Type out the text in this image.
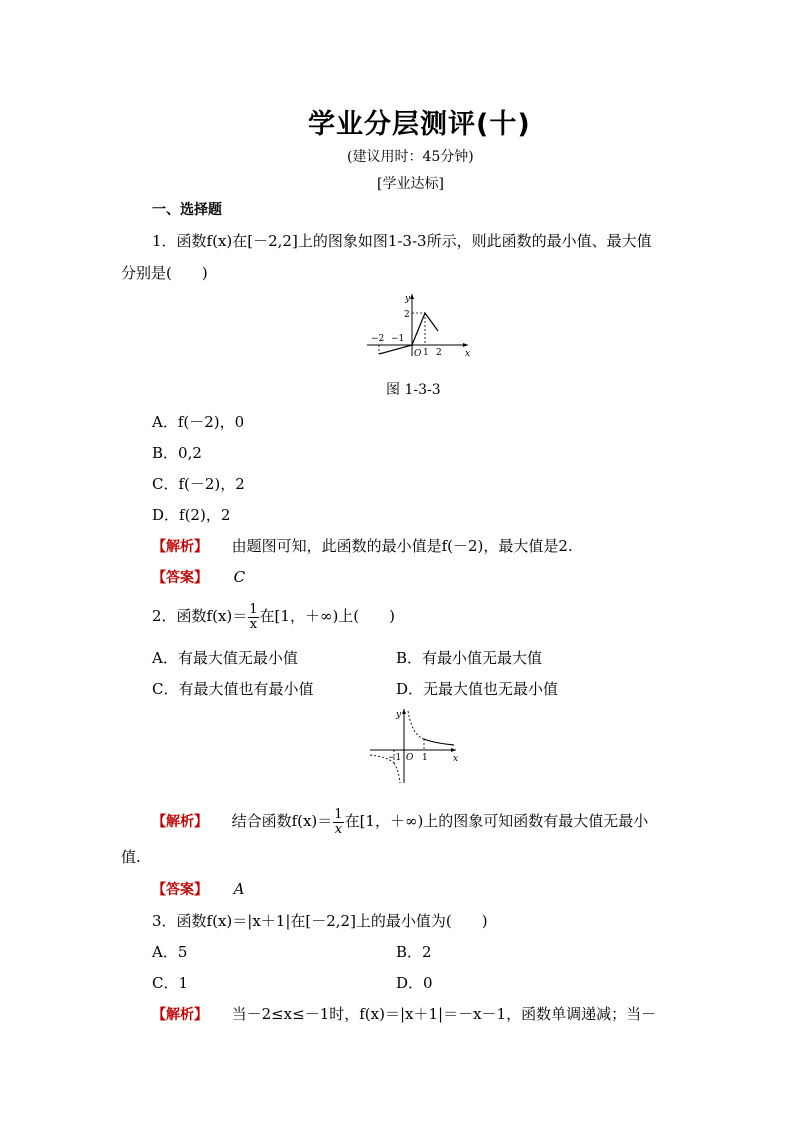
学业分层测评(十)
(建议用时：45分钟)
[学业达标]
一、选择题
1．函数f(x)在[－2,2]上的图象如图1-3-3所示，则此函数的最小值、最大值
分别是(　　)
y
x
O
2
−2 −1
1 2
图 1-3-3
A．f(－2)，0
B．0,2
C．f(－2)，2
D．f(2)，2
【解析】 由题图可知，此函数的最小值是f(－2)，最大值是2.
【答案】 C
2．函数$f(x)= \frac{1}{x}$ 在[1，＋∞)上(　　)
A．有最大值无最小值	B．有最小值无最大值
C．有最大值也有最小值	D．无最大值也无最小值
y
x
O
−1 1
【解析】 结合函数$f(x)= \frac{1}{x}$ 在[1，＋∞)上的图象可知函数有最大值无最小
值.
【答案】 A
3．函数f(x)＝|x＋1|在[－2,2]上的最小值为(　　)
A．5	B．2
C．1	D．0
【解析】 当－2≤x≤－1时，f(x)＝|x＋1|＝－x－1，函数单调递减；当－
